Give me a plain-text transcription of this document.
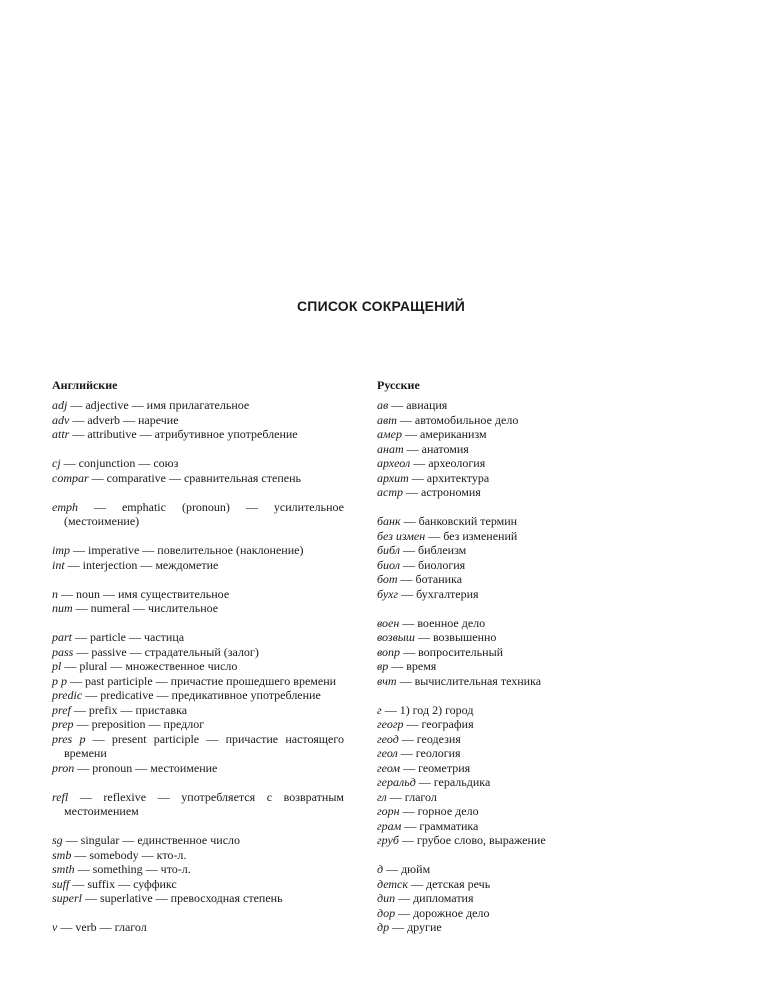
СПИСОК СОКРАЩЕНИЙ
Английские
adj — adjective — имя прилагательное
adv — adverb — наречие
attr — attributive — атрибутивное употребление
cj — conjunction — союз
compar — comparative — сравнительная степень
emph — emphatic (pronoun) — усилительное (местоимение)
imp — imperative — повелительное (наклонение)
int — interjection — междометие
n — noun — имя существительное
num — numeral — числительное
part — particle — частица
pass — passive — страдательный (залог)
pl — plural — множественное число
p p — past participle — причастие прошедшего времени
predic — predicative — предикативное употребление
pref — prefix — приставка
prep — preposition — предлог
pres p — present participle — причастие настоящего времени
pron — pronoun — местоимение
refl — reflexive — употребляется с возвратным местоимением
sg — singular — единственное число
smb — somebody — кто-л.
smth — something — что-л.
suff — suffix — суффикс
superl — superlative — превосходная степень
v — verb — глагол
Русские
ав — авиация
авт — автомобильное дело
амер — американизм
анат — анатомия
археол — археология
архит — архитектура
астр — астрономия
банк — банковский термин
без измен — без изменений
библ — библеизм
биол — биология
бот — ботаника
бухг — бухгалтерия
воен — военное дело
возвыш — возвышенно
вопр — вопросительный
вр — время
вчт — вычислительная техника
г — 1) год 2) город
геогр — география
геод — геодезия
геол — геология
геом — геометрия
геральд — геральдика
гл — глагол
горн — горное дело
грам — грамматика
груб — грубое слово, выражение
д — дюйм
детск — детская речь
дип — дипломатия
дор — дорожное дело
др — другие
